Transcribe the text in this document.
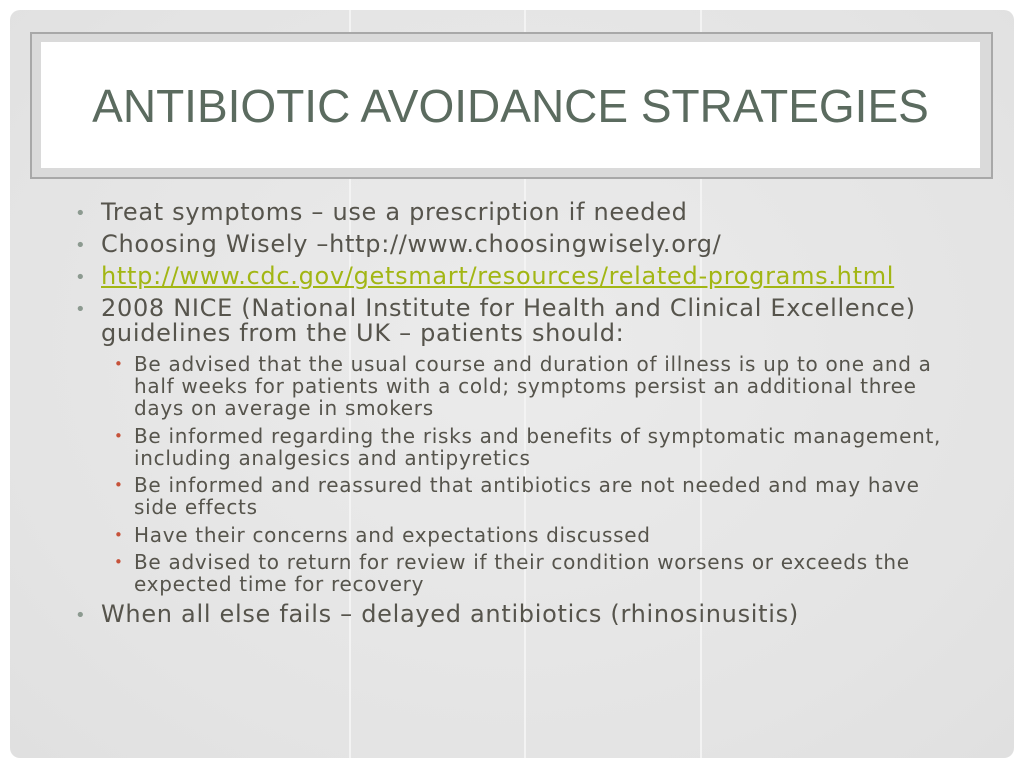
ANTIBIOTIC AVOIDANCE STRATEGIES
• Treat symptoms – use a prescription if needed
• Choosing Wisely –http://www.choosingwisely.org/
• http://www.cdc.gov/getsmart/resources/related-programs.html
• 2008 NICE (National Institute for Health and Clinical Excellence) guidelines from the UK – patients should:
• Be advised that the usual course and duration of illness is up to one and a half weeks for patients with a cold; symptoms persist an additional three days on average in smokers
• Be informed regarding the risks and benefits of symptomatic management, including analgesics and antipyretics
• Be informed and reassured that antibiotics are not needed and may have side effects
• Have their concerns and expectations discussed
• Be advised to return for review if their condition worsens or exceeds the expected time for recovery
• When all else fails – delayed antibiotics (rhinosinusitis)
